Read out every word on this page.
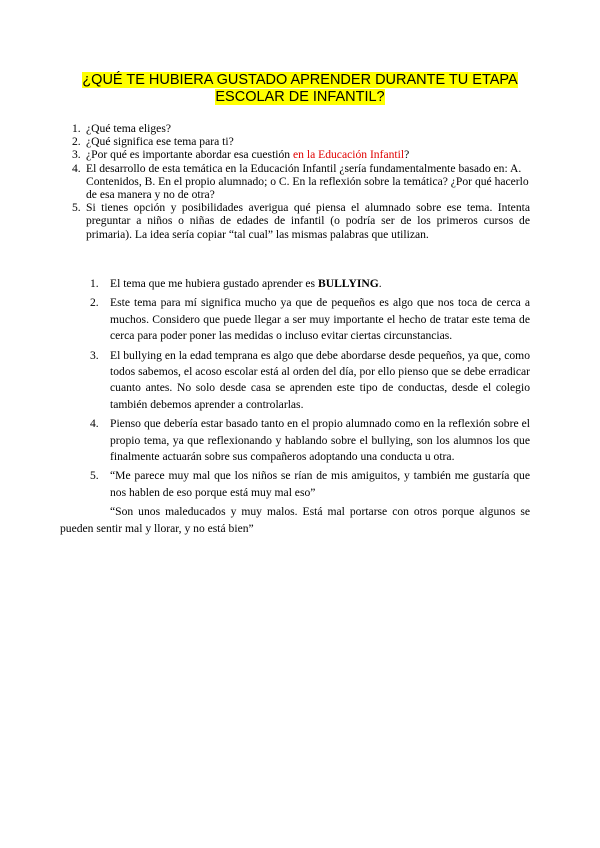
¿QUÉ TE HUBIERA GUSTADO APRENDER DURANTE TU ETAPA ESCOLAR DE INFANTIL?
1. ¿Qué tema eliges?
2. ¿Qué significa ese tema para ti?
3. ¿Por qué es importante abordar esa cuestión en la Educación Infantil?
4. El desarrollo de esta temática en la Educación Infantil ¿sería fundamentalmente basado en: A. Contenidos, B. En el propio alumnado; o C. En la reflexión sobre la temática? ¿Por qué hacerlo de esa manera y no de otra?
5. Si tienes opción y posibilidades averigua qué piensa el alumnado sobre ese tema. Intenta preguntar a niños o niñas de edades de infantil (o podría ser de los primeros cursos de primaria). La idea sería copiar “tal cual” las mismas palabras que utilizan.
1. El tema que me hubiera gustado aprender es BULLYING.
2. Este tema para mí significa mucho ya que de pequeños es algo que nos toca de cerca a muchos. Considero que puede llegar a ser muy importante el hecho de tratar este tema de cerca para poder poner las medidas o incluso evitar ciertas circunstancias.
3. El bullying en la edad temprana es algo que debe abordarse desde pequeños, ya que, como todos sabemos, el acoso escolar está al orden del día, por ello pienso que se debe erradicar cuanto antes. No solo desde casa se aprenden este tipo de conductas, desde el colegio también debemos aprender a controlarlas.
4. Pienso que debería estar basado tanto en el propio alumnado como en la reflexión sobre el propio tema, ya que reflexionando y hablando sobre el bullying, son los alumnos los que finalmente actuarán sobre sus compañeros adoptando una conducta u otra.
5. “Me parece muy mal que los niños se rían de mis amiguitos, y también me gustaría que nos hablen de eso porque está muy mal eso”
“Son unos maleducados y muy malos. Está mal portarse con otros porque algunos se pueden sentir mal y llorar, y no está bien”
